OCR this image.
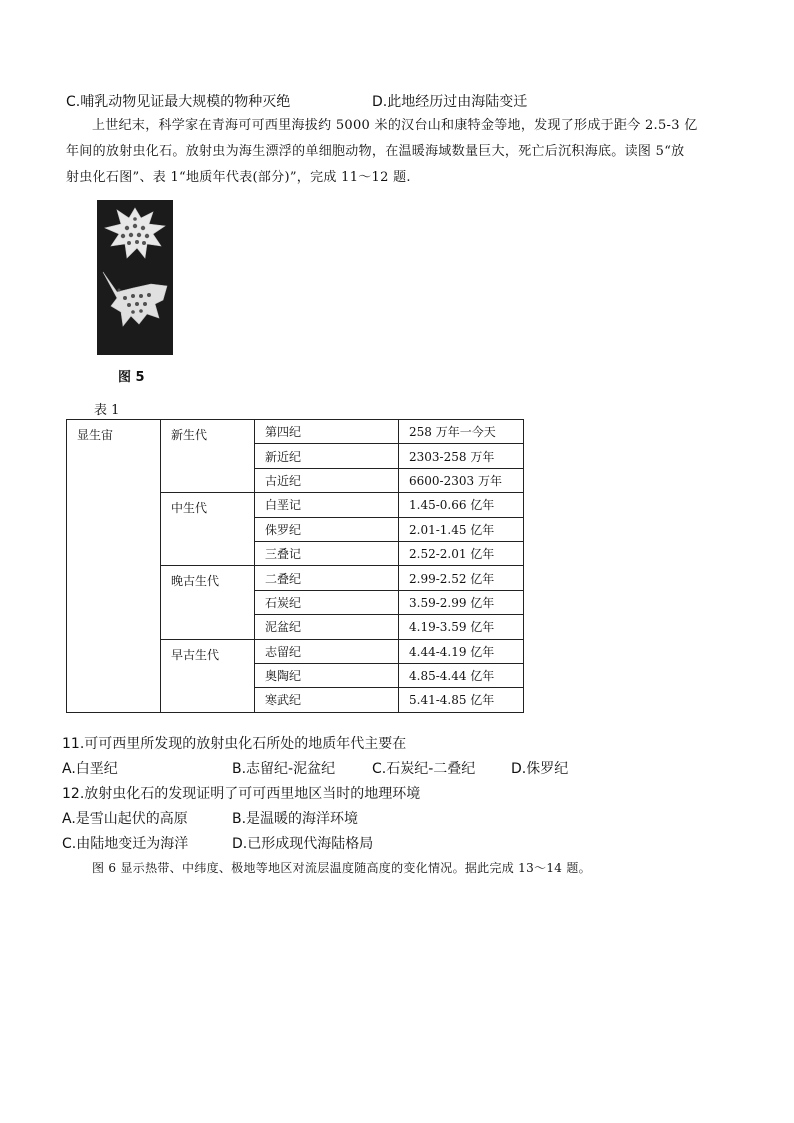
C.哺乳动物见证最大规模的物种灭绝	D.此地经历过由海陆变迁
上世纪末，科学家在青海可可西里海拔约 5000 米的汉台山和康特金等地，发现了形成于距今 2.5-3 亿
年间的放射虫化石。放射虫为海生漂浮的单细胞动物，在温暖海域数量巨大，死亡后沉积海底。读图 5“放
射虫化石图”、表 1“地质年代表(部分)”，完成 11～12 题.
图 5
表 1
显生宙	新生代	第四纪	258 万年一今天
		新近纪	2303-258 万年
		古近纪	6600-2303 万年
	中生代	白垩记	1.45-0.66 亿年
		侏罗纪	2.01-1.45 亿年
		三叠记	2.52-2.01 亿年
	晚古生代	二叠纪	2.99-2.52 亿年
		石炭纪	3.59-2.99 亿年
		泥盆纪	4.19-3.59 亿年
	早古生代	志留纪	4.44-4.19 亿年
		奥陶纪	4.85-4.44 亿年
		寒武纪	5.41-4.85 亿年
11.可可西里所发现的放射虫化石所处的地质年代主要在
A.白垩纪	B.志留纪-泥盆纪	C.石炭纪-二叠纪	D.侏罗纪
12.放射虫化石的发现证明了可可西里地区当时的地理环境
A.是雪山起伏的高原	B.是温暖的海洋环境
C.由陆地变迁为海洋	D.已形成现代海陆格局
图 6 显示热带、中纬度、极地等地区对流层温度随高度的变化情况。据此完成 13～14 题。
